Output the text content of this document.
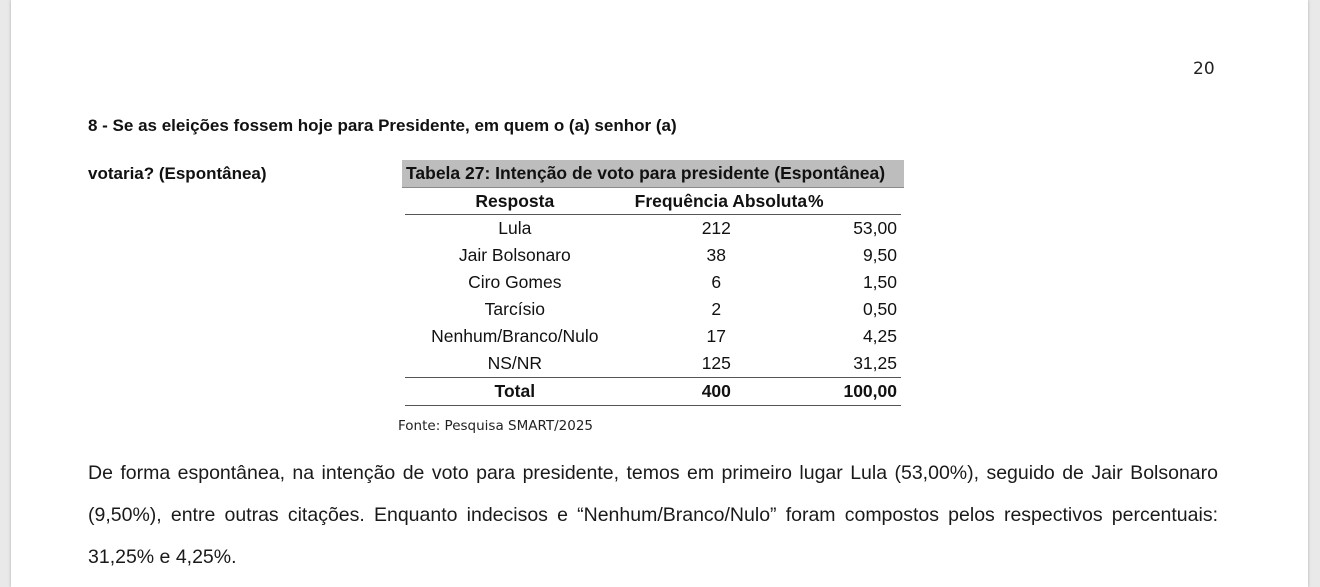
20
8 - Se as eleições fossem hoje para Presidente, em quem o (a) senhor (a)
votaria? (Espontânea)	Tabela 27: Intenção de voto para presidente (Espontânea)
Resposta	Frequência Absoluta	%
Lula	212	53,00
Jair Bolsonaro	38	9,50
Ciro Gomes	6	1,50
Tarcísio	2	0,50
Nenhum/Branco/Nulo	17	4,25
NS/NR	125	31,25
Total	400	100,00
Fonte: Pesquisa SMART/2025
De forma espontânea, na intenção de voto para presidente, temos em primeiro lugar Lula (53,00%), seguido de Jair Bolsonaro (9,50%), entre outras citações. Enquanto indecisos e “Nenhum/Branco/Nulo” foram compostos pelos respectivos percentuais: 31,25% e 4,25%.
